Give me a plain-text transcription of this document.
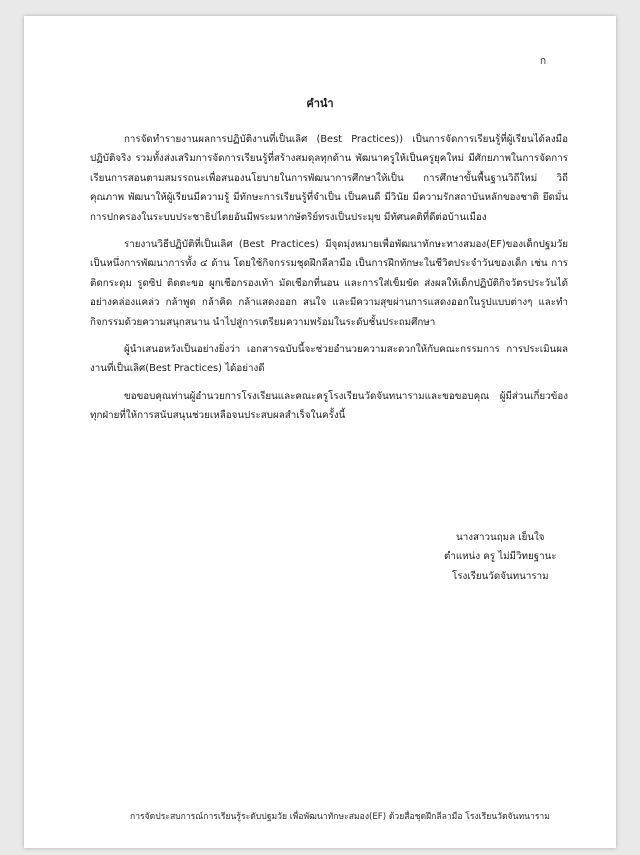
ก
คำนำ

การจัดทำรายงานผลการปฏิบัติงานที่เป็นเลิศ (Best Practices)) เป็นการจัดการเรียนรู้ที่ผู้เรียนได้ลงมือปฏิบัติจริง รวมทั้งส่งเสริมการจัดการเรียนรู้ที่สร้างสมดุลทุกด้าน พัฒนาครูให้เป็นครูยุคใหม่ มีศักยภาพในการจัดการเรียนการสอนตามสมรรถนะเพื่อสนองนโยบายในการพัฒนาการศึกษาให้เป็น การศึกษาขั้นพื้นฐานวิถีใหม่ วิถีคุณภาพ พัฒนาให้ผู้เรียนมีความรู้ มีทักษะการเรียนรู้ที่จำเป็น เป็นคนดี มีวินัย มีความรักสถาบันหลักของชาติ ยึดมั่นการปกครองในระบบประชาธิปไตยอันมีพระมหากษัตริย์ทรงเป็นประมุข มีทัศนคติที่ดีต่อบ้านเมือง

รายงานวิธีปฏิบัติที่เป็นเลิศ (Best Practices) มีจุดมุ่งหมายเพื่อพัฒนาทักษะทางสมอง(EF)ของเด็กปฐมวัยเป็นหนึ่งการพัฒนาการทั้ง ๔ ด้าน โดยใช้กิจกรรมชุดฝึกลีลามือ เป็นการฝึกทักษะในชีวิตประจำวันของเด็ก เช่น การติดกระดุม รูดซิป ติดตะขอ ผูกเชือกรองเท้า มัดเชือกที่นอน และการใส่เข็มขัด ส่งผลให้เด็กปฏิบัติกิจวัตรประวันได้อย่างคล่องแคล่ว กล้าพูด กล้าคิด กล้าแสดงออก สนใจ และมีความสุขผ่านการแสดงออกในรูปแบบต่างๆ และทำกิจกรรมด้วยความสนุกสนาน นำไปสู่การเตรียมความพร้อมในระดับชั้นประถมศึกษา

ผู้นำเสนอหวังเป็นอย่างยิ่งว่า เอกสารฉบับนี้จะช่วยอำนวยความสะดวกให้กับคณะกรรมการ การประเมินผลงานที่เป็นเลิศ(Best Practices) ได้อย่างดี

ขอขอบคุณท่านผู้อำนวยการโรงเรียนและคณะครูโรงเรียนวัดจันทนารามและขอขอบคุณ ผู้มีส่วนเกี่ยวข้องทุกฝ่ายที่ให้การสนับสนุนช่วยเหลือจนประสบผลสำเร็จในครั้งนี้

นางสาวนฤมล เย็นใจ
ตำแหน่ง ครู ไม่มีวิทยฐานะ
โรงเรียนวัดจันทนาราม
การจัดประสบการณ์การเรียนรู้ระดับปฐมวัย เพื่อพัฒนาทักษะสมอง(EF) ด้วยสื่อชุดฝึกลีลามือ โรงเรียนวัดจันทนาราม
